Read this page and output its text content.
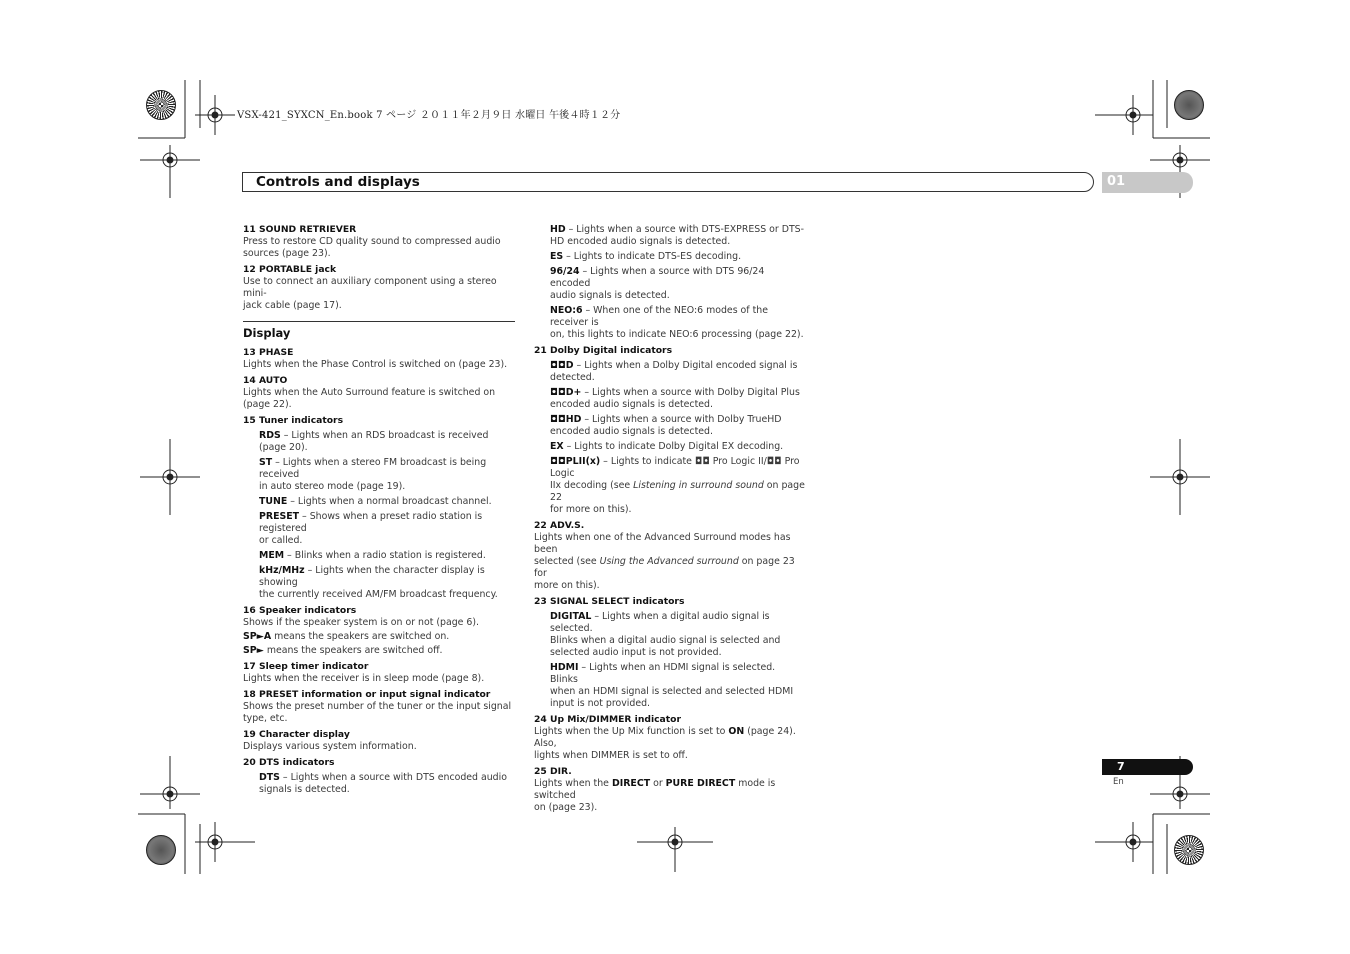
VSX-421_SYXCN_En.book 7 ページ ２０１１年２月９日 水曜日 午後４時１２分
Controls and displays	01
11 SOUND RETRIEVER
Press to restore CD quality sound to compressed audio
sources (page 23).
12 PORTABLE jack
Use to connect an auxiliary component using a stereo mini-
jack cable (page 17).
Display
13 PHASE
Lights when the Phase Control is switched on (page 23).
14 AUTO
Lights when the Auto Surround feature is switched on
(page 22).
15 Tuner indicators
RDS – Lights when an RDS broadcast is received
(page 20).
ST – Lights when a stereo FM broadcast is being received
in auto stereo mode (page 19).
TUNE – Lights when a normal broadcast channel.
PRESET – Shows when a preset radio station is registered
or called.
MEM – Blinks when a radio station is registered.
kHz/MHz – Lights when the character display is showing
the currently received AM/FM broadcast frequency.
16 Speaker indicators
Shows if the speaker system is on or not (page 6).
SP►A means the speakers are switched on.
SP► means the speakers are switched off.
17 Sleep timer indicator
Lights when the receiver is in sleep mode (page 8).
18 PRESET information or input signal indicator
Shows the preset number of the tuner or the input signal
type, etc.
19 Character display
Displays various system information.
20 DTS indicators
DTS – Lights when a source with DTS encoded audio
signals is detected.
HD – Lights when a source with DTS-EXPRESS or DTS-
HD encoded audio signals is detected.
ES – Lights to indicate DTS-ES decoding.
96/24 – Lights when a source with DTS 96/24 encoded
audio signals is detected.
NEO:6 – When one of the NEO:6 modes of the receiver is
on, this lights to indicate NEO:6 processing (page 22).
21 Dolby Digital indicators
◘◘D – Lights when a Dolby Digital encoded signal is
detected.
◘◘D+ – Lights when a source with Dolby Digital Plus
encoded audio signals is detected.
◘◘HD – Lights when a source with Dolby TrueHD
encoded audio signals is detected.
EX – Lights to indicate Dolby Digital EX decoding.
◘◘PLII(x) – Lights to indicate ◘◘ Pro Logic II/◘◘ Pro Logic
IIx decoding (see Listening in surround sound on page 22
for more on this).
22 ADV.S.
Lights when one of the Advanced Surround modes has been
selected (see Using the Advanced surround on page 23 for
more on this).
23 SIGNAL SELECT indicators
DIGITAL – Lights when a digital audio signal is selected.
Blinks when a digital audio signal is selected and
selected audio input is not provided.
HDMI – Lights when an HDMI signal is selected. Blinks
when an HDMI signal is selected and selected HDMI
input is not provided.
24 Up Mix/DIMMER indicator
Lights when the Up Mix function is set to ON (page 24). Also,
lights when DIMMER is set to off.
25 DIR.
Lights when the DIRECT or PURE DIRECT mode is switched
on (page 23).
7
En
